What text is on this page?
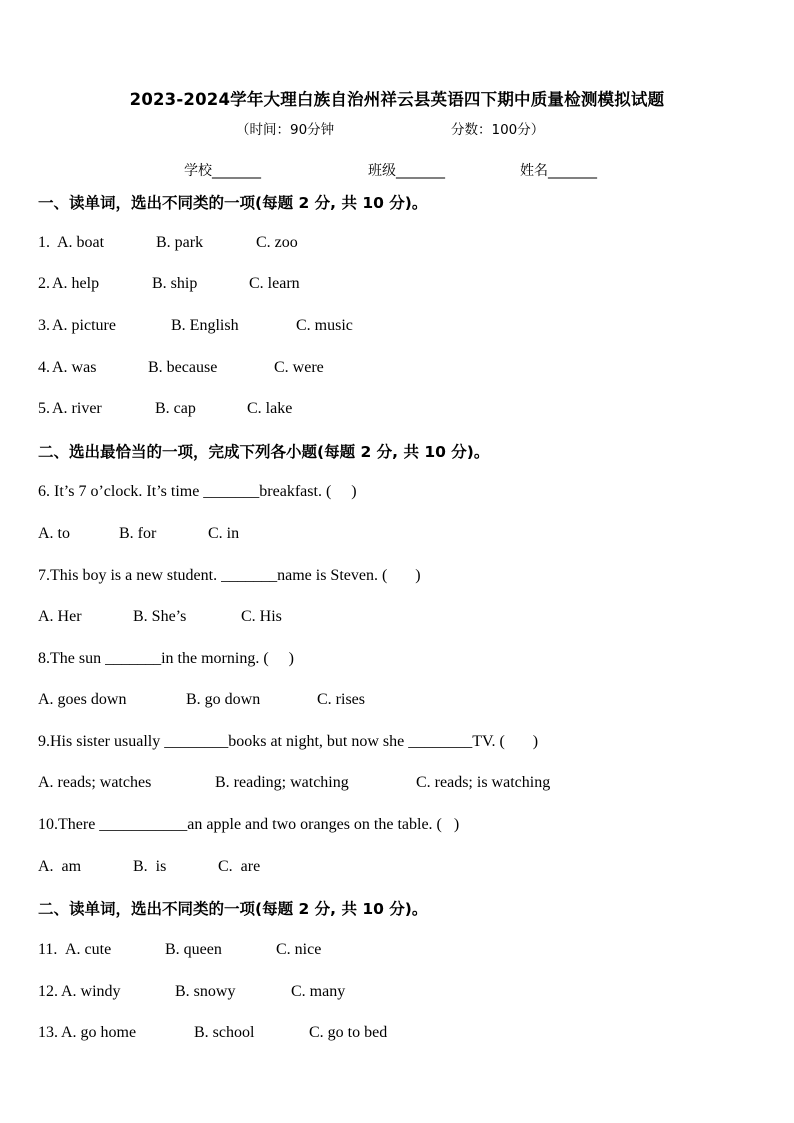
2023-2024学年大理白族自治州祥云县英语四下期中质量检测模拟试题
（时间：90分钟	分数：100分）
学校_______	班级_______	姓名_______
一、读单词，选出不同类的一项(每题 2 分, 共 10 分)。
1. A. boat	B. park	C. zoo
2. A. help	B. ship	C. learn
3. A. picture	B. English	C. music
4. A. was	B. because	C. were
5. A. river	B. cap	C. lake
二、选出最恰当的一项，完成下列各小题(每题 2 分, 共 10 分)。
6. It’s 7 o’clock. It’s time _______breakfast. (     )
A. to	B. for	C. in
7.This boy is a new student. _______name is Steven. (       )
A. Her	B. She’s	C. His
8.The sun _______in the morning. (     )
A. goes down	B. go down	C. rises
9.His sister usually ________books at night, but now she ________TV. (       )
A. reads; watches	B. reading; watching	C. reads; is watching
10.There ___________an apple and two oranges on the table. (   )
A.  am	B.  is	C.  are
二、读单词，选出不同类的一项(每题 2 分, 共 10 分)。
11. A. cute	B. queen	C. nice
12. A. windy	B. snowy	C. many
13. A. go home	B. school	C. go to bed
